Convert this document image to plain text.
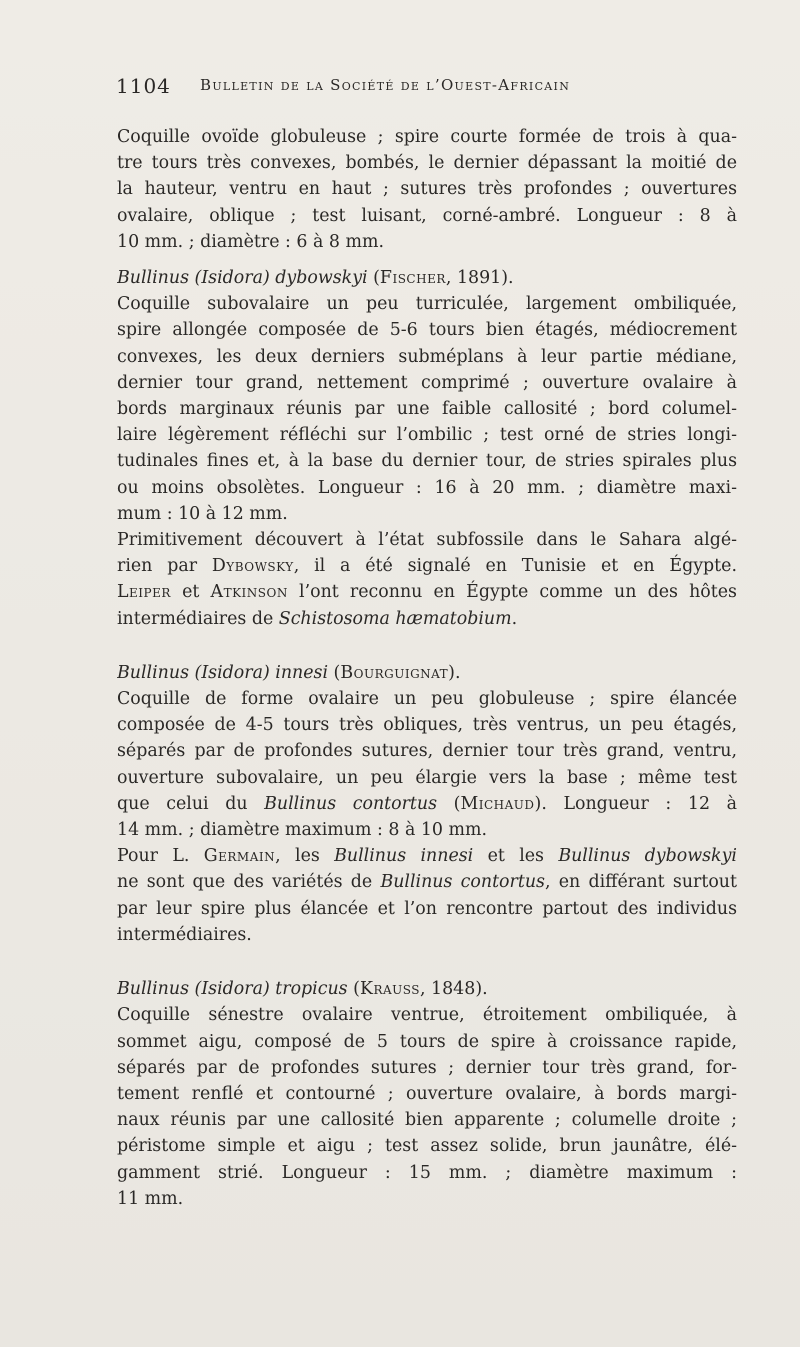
1104 Bulletin de la Société de l’Ouest-Africain
Coquille ovoïde globuleuse ; spire courte formée de trois à qua-
tre tours très convexes, bombés, le dernier dépassant la moitié de
la hauteur, ventru en haut ; sutures très profondes ; ouvertures
ovalaire, oblique ; test luisant, corné-ambré. Longueur : 8 à
10 mm. ; diamètre : 6 à 8 mm.
Bullinus (Isidora) dybowskyi (Fischer, 1891).
Coquille subovalaire un peu turriculée, largement ombiliquée,
spire allongée composée de 5-6 tours bien étagés, médiocrement
convexes, les deux derniers subméplans à leur partie médiane,
dernier tour grand, nettement comprimé ; ouverture ovalaire à
bords marginaux réunis par une faible callosité ; bord columel-
laire légèrement réfléchi sur l’ombilic ; test orné de stries longi-
tudinales fines et, à la base du dernier tour, de stries spirales plus
ou moins obsolètes. Longueur : 16 à 20 mm. ; diamètre maxi-
mum : 10 à 12 mm.
Primitivement découvert à l’état subfossile dans le Sahara algé-
rien par Dybowsky, il a été signalé en Tunisie et en Égypte.
Leiper et Atkinson l’ont reconnu en Égypte comme un des hôtes
intermédiaires de Schistosoma hæmatobium.
Bullinus (Isidora) innesi (Bourguignat).
Coquille de forme ovalaire un peu globuleuse ; spire élancée
composée de 4-5 tours très obliques, très ventrus, un peu étagés,
séparés par de profondes sutures, dernier tour très grand, ventru,
ouverture subovalaire, un peu élargie vers la base ; même test
que celui du Bullinus contortus (Michaud). Longueur : 12 à
14 mm. ; diamètre maximum : 8 à 10 mm.
Pour L. Germain, les Bullinus innesi et les Bullinus dybowskyi
ne sont que des variétés de Bullinus contortus, en différant surtout
par leur spire plus élancée et l’on rencontre partout des individus
intermédiaires.
Bullinus (Isidora) tropicus (Krauss, 1848).
Coquille sénestre ovalaire ventrue, étroitement ombiliquée, à
sommet aigu, composé de 5 tours de spire à croissance rapide,
séparés par de profondes sutures ; dernier tour très grand, for-
tement renflé et contourné ; ouverture ovalaire, à bords margi-
naux réunis par une callosité bien apparente ; columelle droite ;
péristome simple et aigu ; test assez solide, brun jaunâtre, élé-
gamment strié. Longueur : 15 mm. ; diamètre maximum :
11 mm.
